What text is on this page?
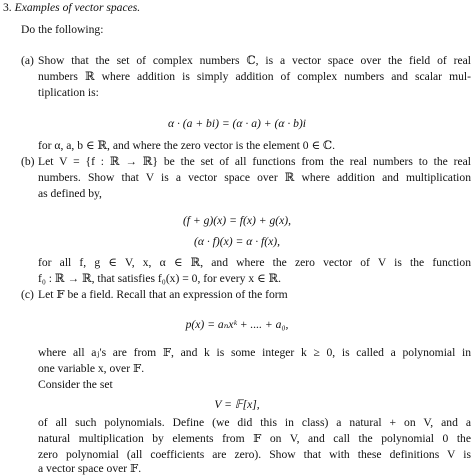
3. Examples of vector spaces.
Do the following:
(a) Show that the set of complex numbers ℂ, is a vector space over the field of real
numbers ℝ where addition is simply addition of complex numbers and scalar mul-
tiplication is:
α · (a + bi) = (α · a) + (α · b)i
for α, a, b ∈ ℝ, and where the zero vector is the element 0 ∈ ℂ.
(b) Let V = {f : ℝ → ℝ} be the set of all functions from the real numbers to the real
numbers. Show that V is a vector space over ℝ where addition and multiplication
as defined by,
(f + g)(x) = f(x) + g(x),
(α · f)(x) = α · f(x),
for all f, g ∈ V, x, α ∈ ℝ, and where the zero vector of V is the function
f₀ : ℝ → ℝ, that satisfies f₀(x) = 0, for every x ∈ ℝ.
(c) Let 𝔽 be a field. Recall that an expression of the form
p(x) = aₙxᵏ + .... + a₀,
where all aⱼ's are from 𝔽, and k is some integer k ≥ 0, is called a polynomial in
one variable x, over 𝔽.
Consider the set
V = 𝔽[x],
of all such polynomials. Define (we did this in class) a natural + on V, and a
natural multiplication by elements from 𝔽 on V, and call the polynomial 0 the
zero polynomial (all coefficients are zero). Show that with these definitions V is
a vector space over 𝔽.
